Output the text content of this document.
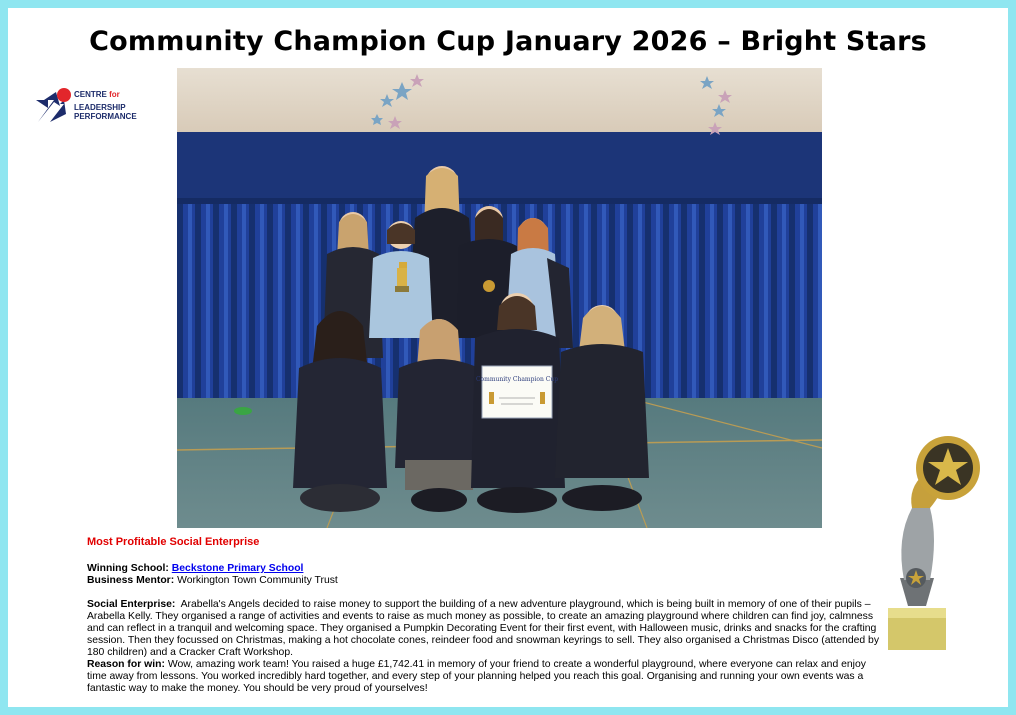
Community Champion Cup January 2026 – Bright Stars
CENTRE for
LEADERSHIP
PERFORMANCE
Community Champion Cup
Most Profitable Social Enterprise
Winning School: Beckstone Primary School
Business Mentor: Workington Town Community Trust
Social Enterprise: Arabella's Angels decided to raise money to support the building of a new adventure playground, which is being built in memory of one of their pupils – Arabella Kelly. They organised a range of activities and events to raise as much money as possible, to create an amazing playground where children can find joy, calmness and can reflect in a tranquil and welcoming space. They organised a Pumpkin Decorating Event for their first event, with Halloween music, drinks and snacks for the crafting session. Then they focussed on Christmas, making a hot chocolate cones, reindeer food and snowman keyrings to sell. They also organised a Christmas Disco (attended by 180 children) and a Cracker Craft Workshop.
Reason for win: Wow, amazing work team! You raised a huge £1,742.41 in memory of your friend to create a wonderful playground, where everyone can relax and enjoy time away from lessons. You worked incredibly hard together, and every step of your planning helped you reach this goal. Organising and running your own events was a fantastic way to make the money. You should be very proud of yourselves!
